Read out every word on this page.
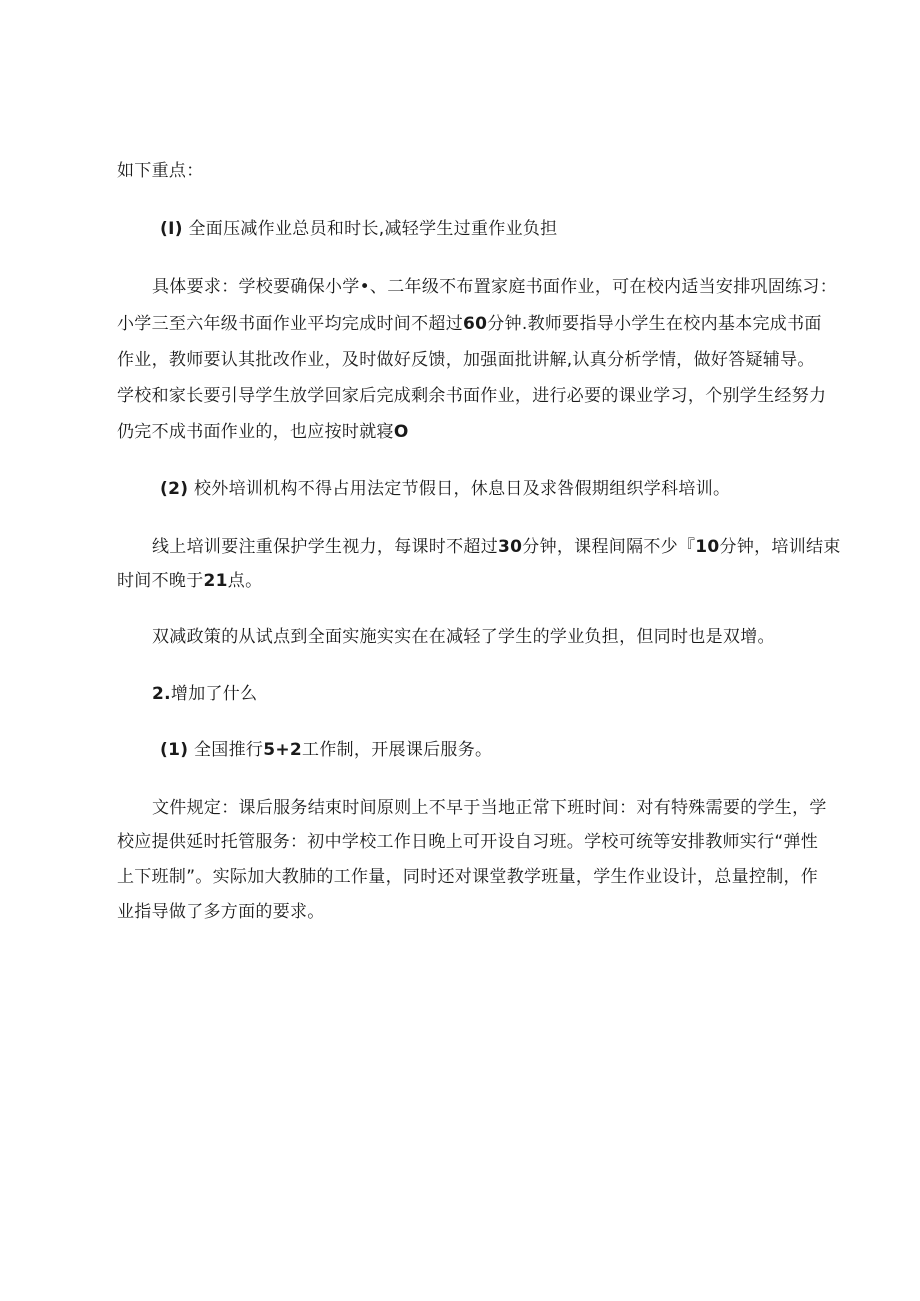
如下重点：
(I) 全面压减作业总员和时长,减轻学生过重作业负担
具体要求：学校要确保小学•、二年级不布置家庭书面作业，可在校内适当安排巩固练习：
小学三至六年级书面作业平均完成时间不超过60分钟.教师要指导小学生在校内基本完成书面
作业，教师要认其批改作业，及时做好反馈，加强面批讲解,认真分析学情，做好答疑辅导。
学校和家长要引导学生放学回家后完成剩余书面作业，进行必要的课业学习，个别学生经努力
仍完不成书面作业的，也应按时就寝O
(2) 校外培训机构不得占用法定节假日，休息日及求咎假期组织学科培训。
线上培训要注重保护学生视力，每课时不超过30分钟，课程间隔不少『10分钟，培训结束
时间不晚于21点。
双减政策的从试点到全面实施实实在在减轻了学生的学业负担，但同时也是双增。
2.增加了什么
(1) 全国推行5+2工作制，开展课后服务。
文件规定：课后服务结束时间原则上不早于当地正常下班时间：对有特殊需要的学生，学
校应提供延时托管服务：初中学校工作日晚上可开设自习班。学校可统等安排教师实行“弹性
上下班制”。实际加大教肺的工作量，同时还对课堂教学班量，学生作业设计，总量控制，作
业指导做了多方面的要求。
